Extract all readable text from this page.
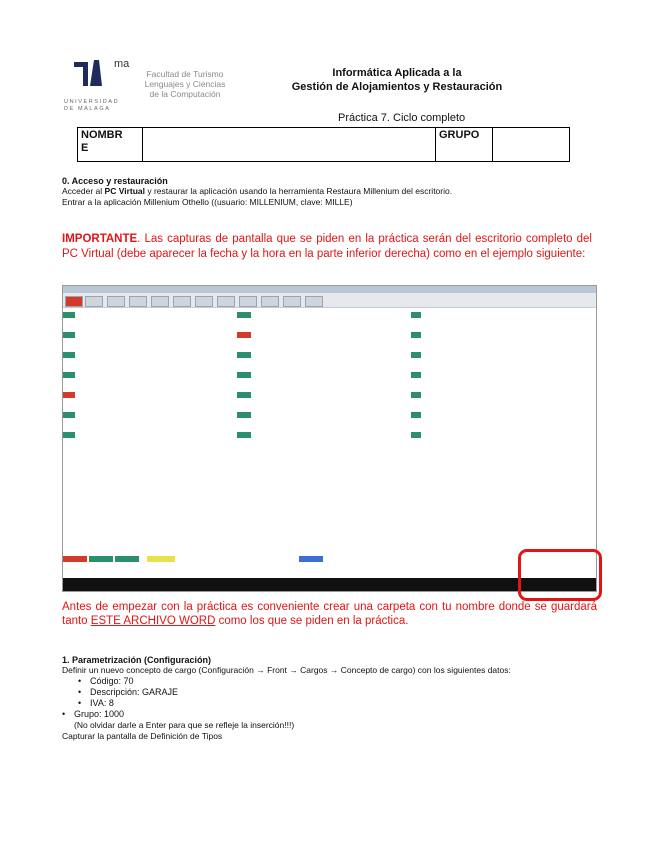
ma
Facultad de Turismo
Lenguajes y Ciencias
de la Computación
UNIVERSIDAD
DE MÁLAGA
Informática Aplicada a la
Gestión de Alojamientos y Restauración
Práctica 7. Ciclo completo
NOMBR
E
		GRUPO	
0. Acceso y restauración
Acceder al PC Virtual y restaurar la aplicación usando la herramienta Restaura Millenium del escritorio.
Entrar a la aplicación Millenium Othello ((usuario: MILLENIUM, clave: MILLE)
IMPORTANTE. Las capturas de pantalla que se piden en la práctica serán del escritorio completo del PC Virtual (debe aparecer la fecha y la hora en la parte inferior derecha) como en el ejemplo siguiente:
Antes de empezar con la práctica es conveniente crear una carpeta con tu nombre donde se guardará tanto ESTE ARCHIVO WORD como los que se piden en la práctica.
1. Parametrización (Configuración)
Definir un nuevo concepto de cargo (Configuración → Front → Cargos → Concepto de cargo) con los siguientes datos:
• Código: 70
• Descripción: GARAJE
• IVA: 8
• Grupo: 1000
(No olvidar darle a Enter para que se refleje la inserción!!!)
Capturar la pantalla de Definición de Tipos
